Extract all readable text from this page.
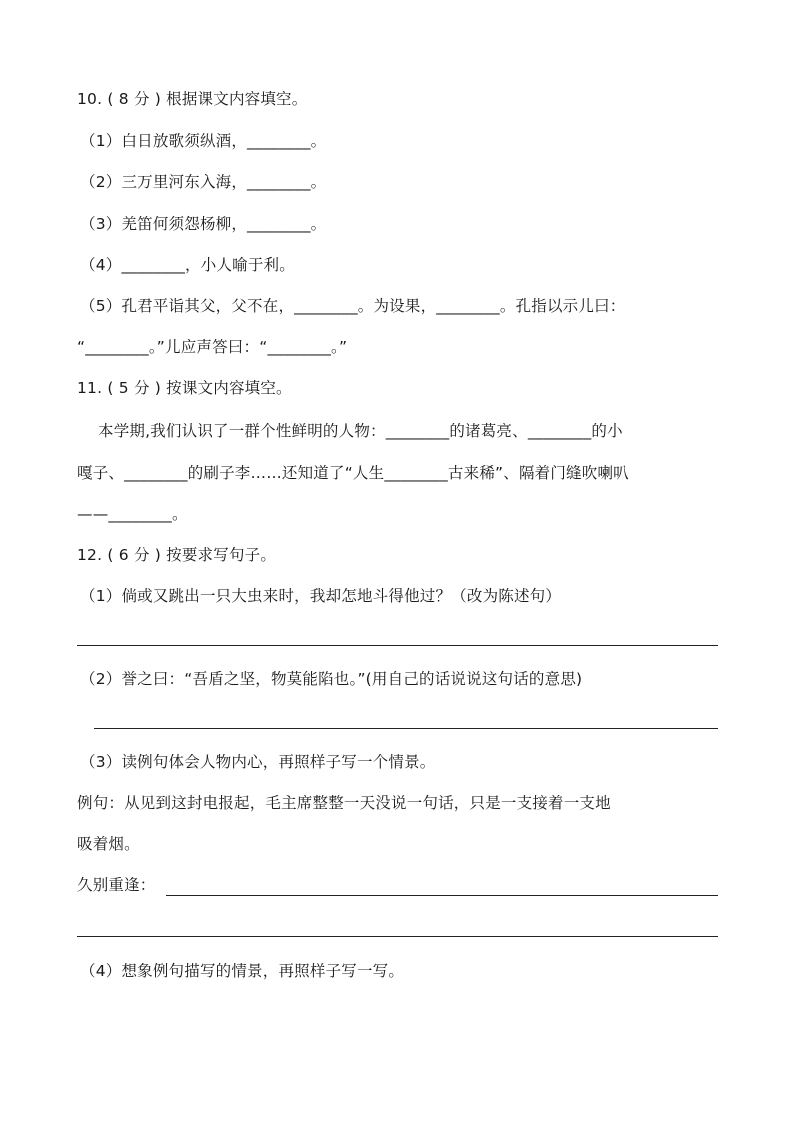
10. ( 8 分 ) 根据课文内容填空。
（1）白日放歌须纵酒，________。
（2）三万里河东入海，________。
（3）羌笛何须怨杨柳，________。
（4）________，小人喻于利。
（5）孔君平诣其父，父不在，________。为设果，________。孔指以示儿曰：
“________。”儿应声答曰：“________。”
11. ( 5 分 ) 按课文内容填空。
本学期,我们认识了一群个性鲜明的人物：________的诸葛亮、________的小
嘎子、________的刷子李……还知道了“人生________古来稀”、隔着门缝吹喇叭
——________。
12. ( 6 分 ) 按要求写句子。
（1）倘或又跳出一只大虫来时，我却怎地斗得他过？（改为陈述句）
（2）誉之曰：“吾盾之坚，物莫能陷也。”(用自己的话说说这句话的意思)
（3）读例句体会人物内心，再照样子写一个情景。
例句：从见到这封电报起，毛主席整整一天没说一句话，只是一支接着一支地
吸着烟。
久别重逢：
（4）想象例句描写的情景，再照样子写一写。
